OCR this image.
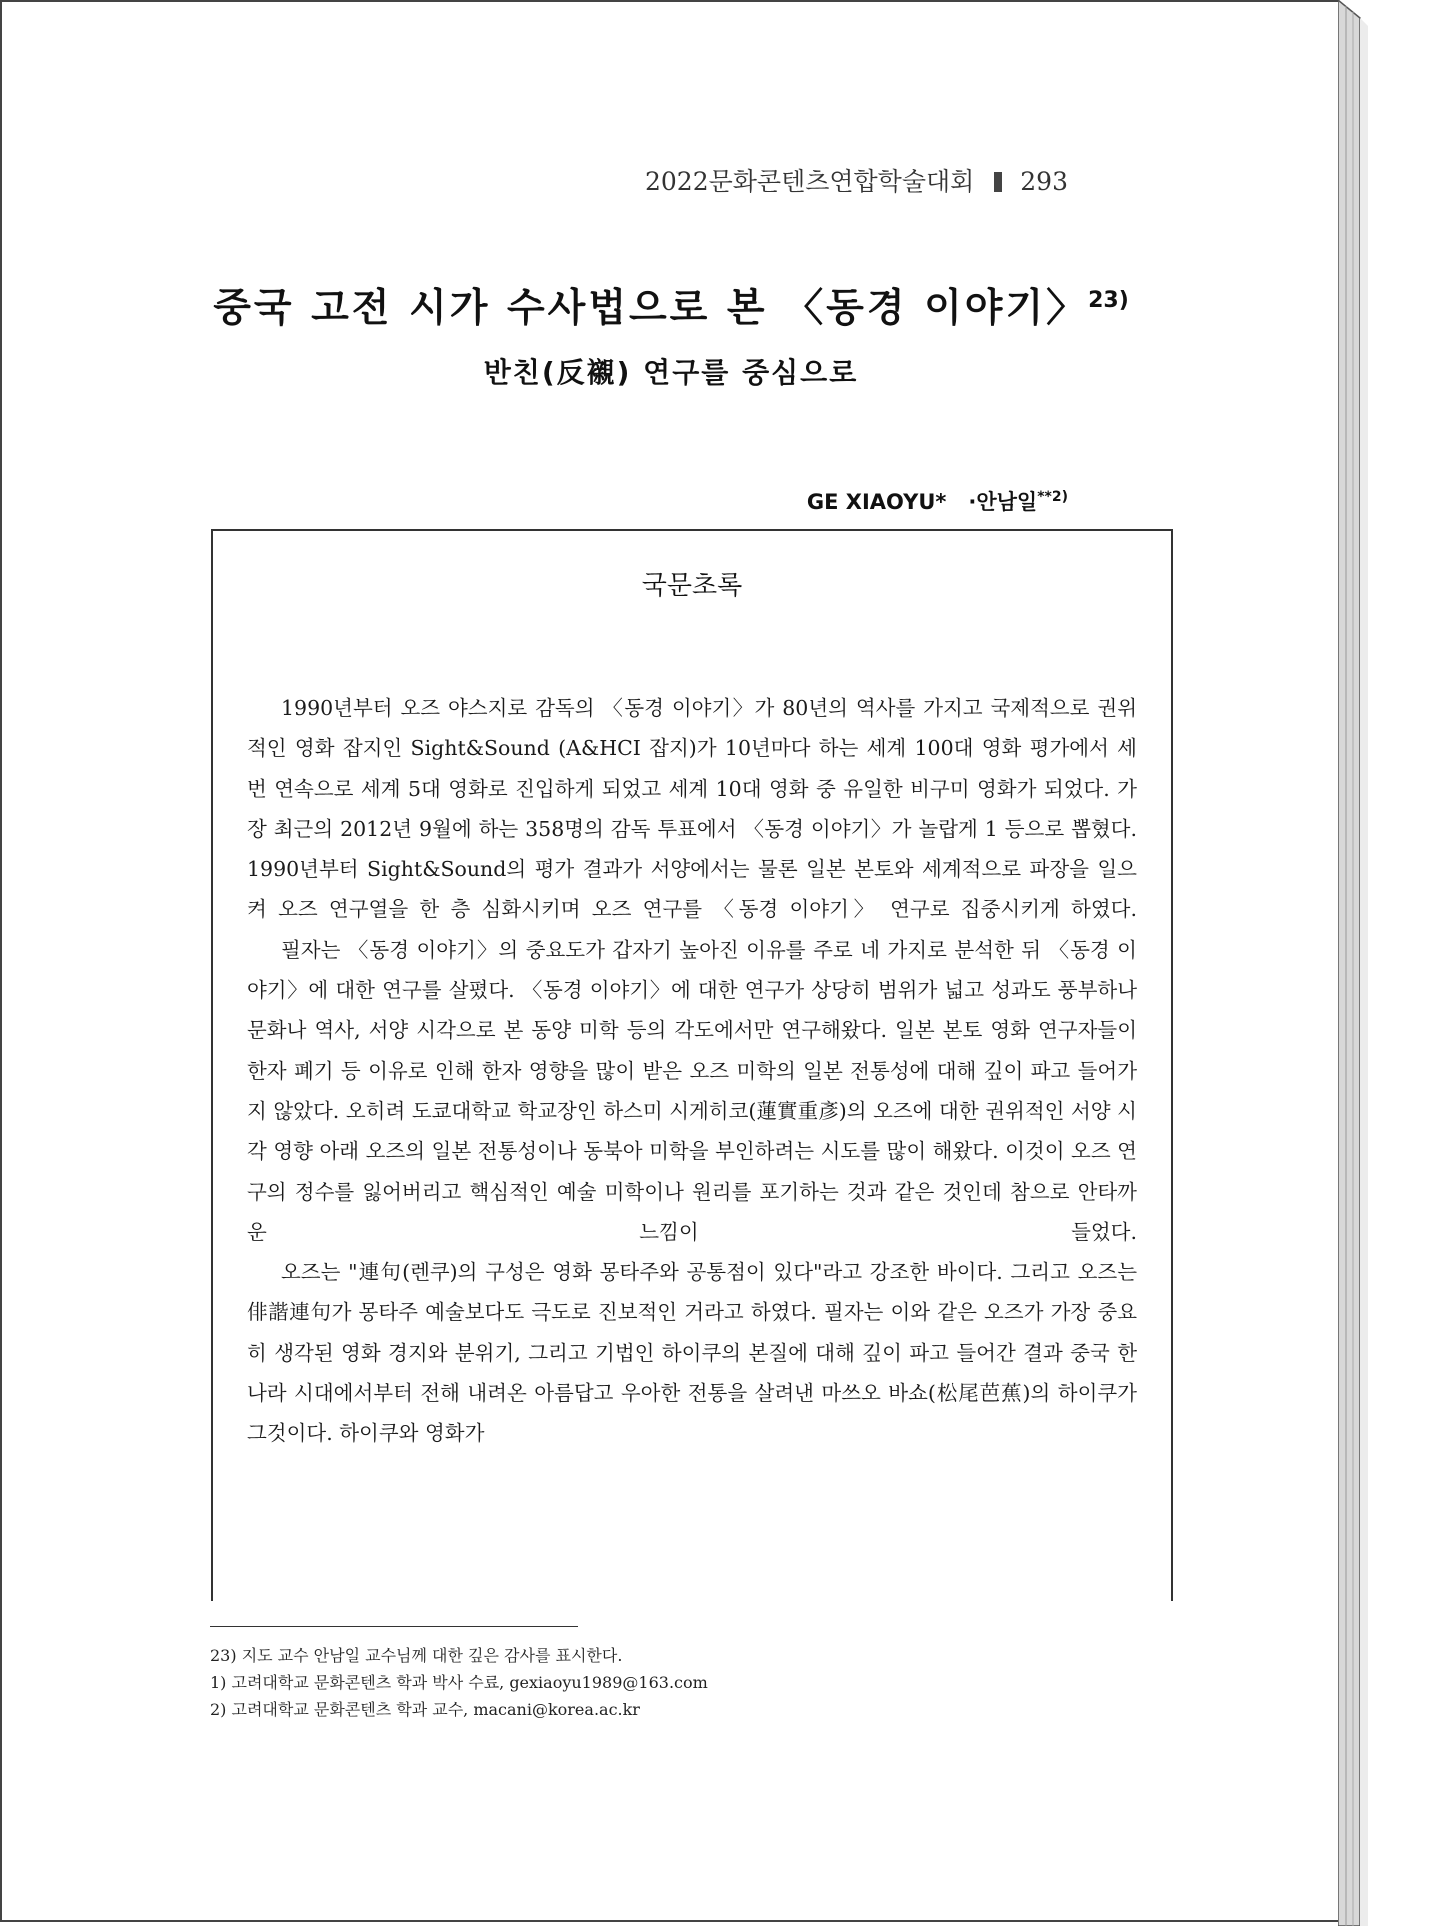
2022문화콘텐츠연합학술대회 293
중국 고전 시가 수사법으로 본 〈동경 이야기〉$^{23)}$
반친(反襯) 연구를 중심으로
GE XIAOYU* ·안남일$^{**2)}$
국문초록

1990년부터 오즈 야스지로 감독의 〈동경 이야기〉가 80년의 역사를 가지고 국제적으로 권위적인 영화 잡지인 Sight&Sound (A&HCI 잡지)가 10년마다 하는 세계 100대 영화 평가에서 세 번 연속으로 세계 5대 영화로 진입하게 되었고 세계 10대 영화 중 유일한 비구미 영화가 되었다. 가장 최근의 2012년 9월에 하는 358명의 감독 투표에서 〈동경 이야기〉가 놀랍게 1 등으로 뽑혔다. 1990년부터 Sight&Sound의 평가 결과가 서양에서는 물론 일본 본토와 세계적으로 파장을 일으켜 오즈 연구열을 한 층 심화시키며 오즈 연구를 〈동경 이야기〉 연구로 집중시키게 하였다.

필자는 〈동경 이야기〉의 중요도가 갑자기 높아진 이유를 주로 네 가지로 분석한 뒤 〈동경 이야기〉에 대한 연구를 살폈다. 〈동경 이야기〉에 대한 연구가 상당히 범위가 넓고 성과도 풍부하나 문화나 역사, 서양 시각으로 본 동양 미학 등의 각도에서만 연구해왔다. 일본 본토 영화 연구자들이 한자 폐기 등 이유로 인해 한자 영향을 많이 받은 오즈 미학의 일본 전통성에 대해 깊이 파고 들어가지 않았다. 오히려 도쿄대학교 학교장인 하스미 시게히코(蓮實重彥)의 오즈에 대한 권위적인 서양 시각 영향 아래 오즈의 일본 전통성이나 동북아 미학을 부인하려는 시도를 많이 해왔다. 이것이 오즈 연구의 정수를 잃어버리고 핵심적인 예술 미학이나 원리를 포기하는 것과 같은 것인데 참으로 안타까운 느낌이 들었다.

오즈는 "連句(렌쿠)의 구성은 영화 몽타주와 공통점이 있다"라고 강조한 바이다. 그리고 오즈는 俳諧連句가 몽타주 예술보다도 극도로 진보적인 거라고 하였다. 필자는 이와 같은 오즈가 가장 중요히 생각된 영화 경지와 분위기, 그리고 기법인 하이쿠의 본질에 대해 깊이 파고 들어간 결과 중국 한나라 시대에서부터 전해 내려온 아름답고 우아한 전통을 살려낸 마쓰오 바쇼(松尾芭蕉)의 하이쿠가 그것이다. 하이쿠와 영화가

23) 지도 교수 안남일 교수님께 대한 깊은 감사를 표시한다.
1) 고려대학교 문화콘텐츠 학과 박사 수료, gexiaoyu1989@163.com
2) 고려대학교 문화콘텐츠 학과 교수, macani@korea.ac.kr
